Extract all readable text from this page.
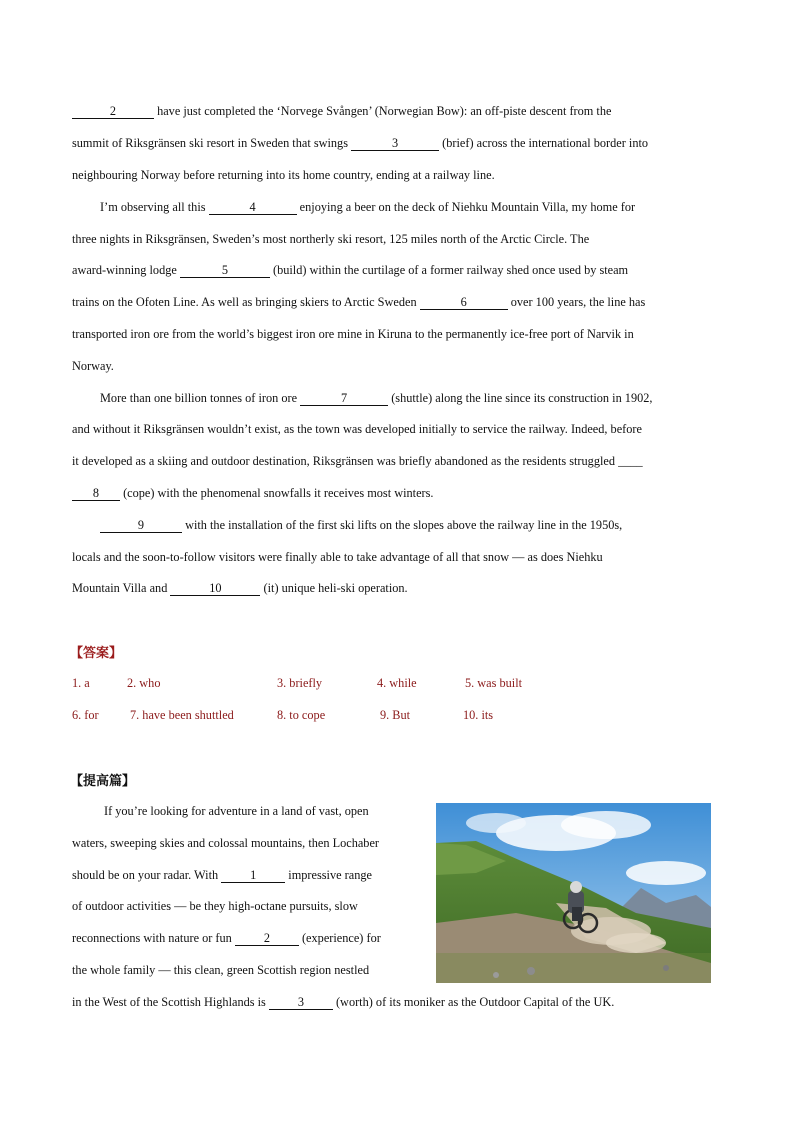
2	have just completed the ‘Norvege Svången’ (Norwegian Bow): an off-piste descent from the
summit of Riksgränsen ski resort in Sweden that swings	3	(brief) across the international border into
neighbouring Norway before returning into its home country, ending at a railway line.
I’m observing all this	4	enjoying a beer on the deck of Niehku Mountain Villa, my home for
three nights in Riksgränsen, Sweden’s most northerly ski resort, 125 miles north of the Arctic Circle. The
award-winning lodge	5	(build) within the curtilage of a former railway shed once used by steam
trains on the Ofoten Line. As well as bringing skiers to Arctic Sweden	6	over 100 years, the line has
transported iron ore from the world’s biggest iron ore mine in Kiruna to the permanently ice-free port of Narvik in
Norway.
More than one billion tonnes of iron ore	7	(shuttle) along the line since its construction in 1902,
and without it Riksgränsen wouldn’t exist, as the town was developed initially to service the railway. Indeed, before
it developed as a skiing and outdoor destination, Riksgränsen was briefly abandoned as the residents struggled ____
8 (cope) with the phenomenal snowfalls it receives most winters.
9	with the installation of the first ski lifts on the slopes above the railway line in the 1950s,
locals and the soon-to-follow visitors were finally able to take advantage of all that snow — as does Niehku
Mountain Villa and	10	(it) unique heli-ski operation.
【答案】
1. a	2. who	3. briefly	4. while	5. was built
6. for	7. have been shuttled	8. to cope	9. But	10. its
【提高篇】
If you’re looking for adventure in a land of vast, open
waters, sweeping skies and colossal mountains, then Lochaber
should be on your radar. With 1 impressive range
of outdoor activities — be they high-octane pursuits, slow
reconnections with nature or fun 2 (experience) for
the whole family — this clean, green Scottish region nestled
in the West of the Scottish Highlands is 3 (worth) of its moniker as the Outdoor Capital of the UK.
